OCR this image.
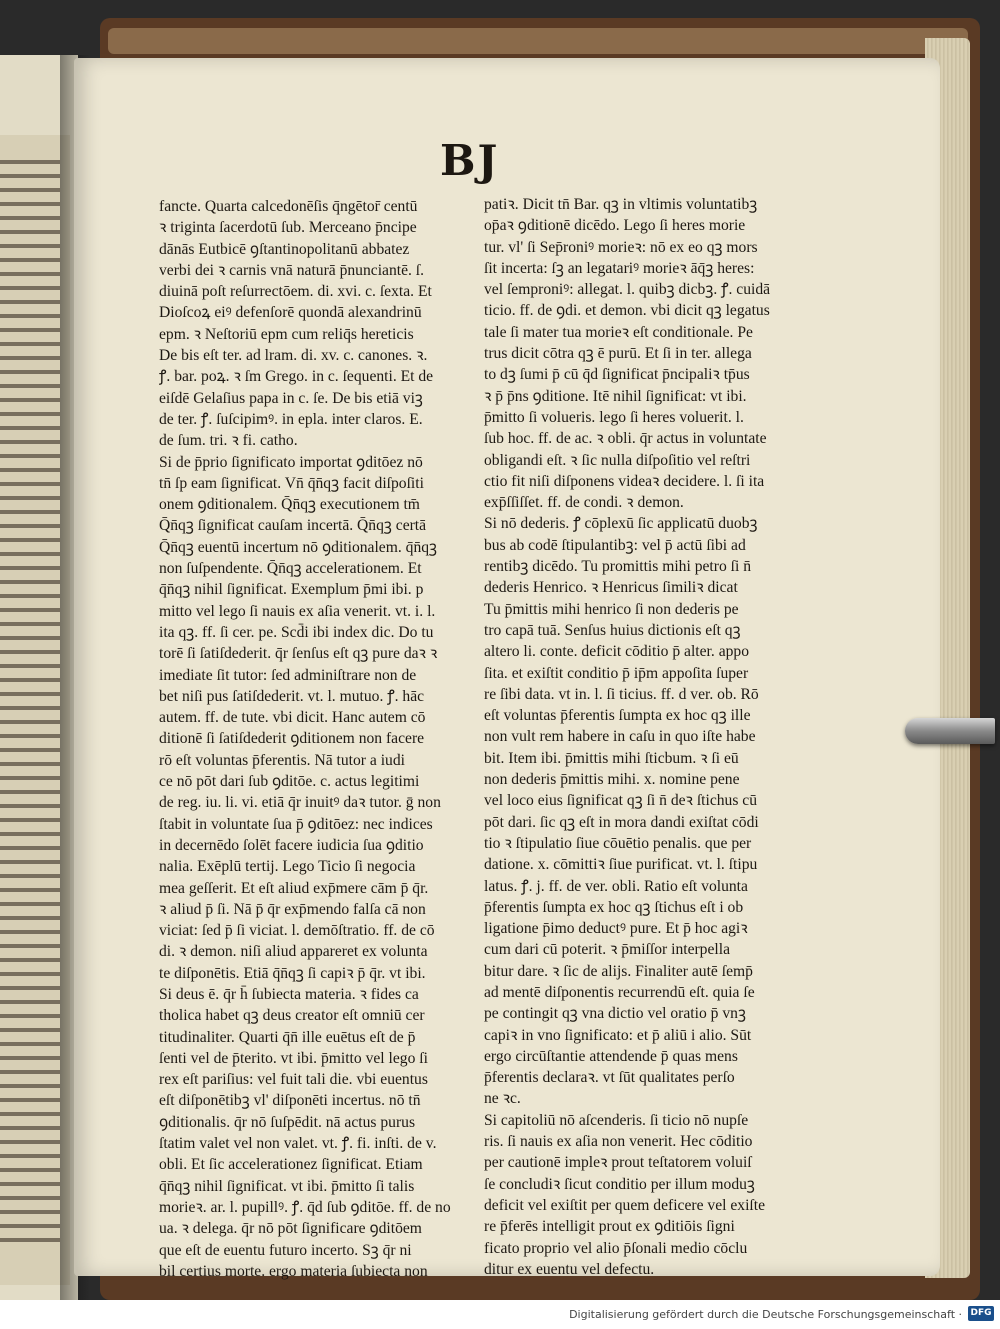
BJ
fancte. Quarta calcedonēſis q̄ngētor̄ centū
ꝛ triginta ſacerdotū ſub. Merceano p̄ncipe
dānās Eutbicē ꝯſtantinopolitanū abbatez
verbi dei ꝛ carnis vnā naturā p̄nunciantē. ſ.
diuinā poſt reſurrectōem. di. xvi. c. ſexta. Et
Dioſcoꝝ eiꝰ defenſorē quondā alexandrinū
epm. ꝛ Neſtoriū epm cum reliq̄s hereticis
De bis eſt ter. ad lram. di. xv. c. canones. ꝛ.
ꝭ. bar. poꝝ. ꝛ ſm Grego. in c. ſequenti. Et de
eiſdē Gelaſius papa in c. ſe. De bis etiā viꝫ
de ter. ꝭ. ſuſcipimꝰ. in epla. inter claros. E.
de ſum. tri. ꝛ fi. catho.
Si de p̄prio ſignificato importat ꝯditōez nō
tn̄ ſp eam ſignificat. Vn̄ q̄n̄qꝫ facit diſpoſiti
onem ꝯditionalem. Q̄n̄qꝫ executionem tm̄
Q̄n̄qꝫ ſignificat cauſam incertā. Q̄n̄qꝫ certā
Q̄n̄qꝫ euentū incertum nō ꝯditionalem. q̄n̄qꝫ
non ſuſpendente. Q̄n̄qꝫ accelerationem. Et
q̄n̄qꝫ nihil ſignificat. Exemplum p̄mi ibi. p
mitto vel lego ſi nauis ex aſia venerit. vt. i. l.
ita qꝫ. ff. ſi cer. pe. Scd̄i ibi index dic. Do tu
torē ſi ſatiſdederit. q̄r ſenſus eſt qꝫ pure daꝛ ꝛ
imediate ſit tutor: ſed adminiſtrare non de
bet niſi pus ſatiſdederit. vt. l. mutuo. ꝭ. hāc
autem. ff. de tute. vbi dicit. Hanc autem cō
ditionē ſi ſatiſdederit ꝯditionem non facere
rō eſt voluntas p̄ferentis. Nā tutor a iudi
ce nō pōt dari ſub ꝯditōe. c. actus legitimi
de reg. iu. li. vi. etiā q̄r inuitꝰ daꝛ tutor. ḡ non
ſtabit in voluntate ſua p̄ ꝯditōez: nec indices
in decernēdo ſolēt facere iudicia ſua ꝯditio
nalia. Exēplū tertij. Lego Ticio ſi negocia
mea geſſerit. Et eſt aliud exp̄mere cām p̄ q̄r.
ꝛ aliud p̄ ſi. Nā p̄ q̄r exp̄mendo falſa cā non
viciat: ſed p̄ ſi viciat. l. demōſtratio. ff. de cō
di. ꝛ demon. niſi aliud appareret ex volunta
te diſponētis. Etiā q̄n̄qꝫ ſi capiꝛ p̄ q̄r. vt ibi.
Si deus ē. q̄r h̄ ſubiecta materia. ꝛ fides ca
tholica habet qꝫ deus creator eſt omniū cer
titudinaliter. Quarti q̄n̄ ille euētus eſt de p̄
ſenti vel de p̄terito. vt ibi. p̄mitto vel lego ſi
rex eſt pariſius: vel fuit tali die. vbi euentus
eſt diſponētibꝫ vl' diſponēti incertus. nō tn̄
ꝯditionalis. q̄r nō ſuſpēdit. nā actus purus
ſtatim valet vel non valet. vt. ꝭ. fi. inſti. de v.
obli. Et ſic accelerationez ſignificat. Etiam
q̄n̄qꝫ nihil ſignificat. vt ibi. p̄mitto ſi talis
morieꝛ. ar. l. pupillꝰ. ꝭ. q̄d ſub ꝯditōe. ff. de no
ua. ꝛ delega. q̄r nō pōt ſignificare ꝯditōem
que eſt de euentu futuro incerto. Sꝫ q̄r ni
bil certius morte. ergo materia ſubiecta non
patiꝛ. Dicit tn̄ Bar. qꝫ in vltimis voluntatibꝫ
op̄aꝛ ꝯditionē dicēdo. Lego ſi heres morie
tur. vl' ſi Sep̄roniꝰ morieꝛ: nō ex eo qꝫ mors
ſit incerta: ſꝫ an legatariꝰ morieꝛ āq̄ꝫ heres:
vel ſemproniꝰ: allegat. l. quibꝫ dicbꝫ. ꝭ. cuidā
ticio. ff. de ꝯdi. et demon. vbi dicit qꝫ legatus
tale ſi mater tua morieꝛ eſt conditionale. Pe
trus dicit cōtra qꝫ ē purū. Et ſi in ter. allega
to dꝫ ſumi p̄ cū q̄d ſignificat p̄ncipaliꝛ tp̄us
ꝛ p̄ p̄ns ꝯditione. Itē nihil ſignificat: vt ibi.
p̄mitto ſi volueris. lego ſi heres voluerit. l.
ſub hoc. ff. de ac. ꝛ obli. q̄r actus in voluntate
obligandi eſt. ꝛ ſic nulla diſpoſitio vel reſtri
ctio fit niſi diſponens videaꝛ decidere. l. ſi ita
exp̄ſſiſſet. ff. de condi. ꝛ demon.
Si nō dederis. ꝭ cōplexū ſic applicatū duobꝫ
bus ab codē ſtipulantibꝫ: vel p̄ actū ſibi ad
rentibꝫ dicēdo. Tu promittis mihi petro ſi n̄
dederis Henrico. ꝛ Henricus ſimiliꝛ dicat
Tu p̄mittis mihi henrico ſi non dederis pe
tro capā tuā. Senſus huius dictionis eſt qꝫ
altero li. conte. deficit cōditio p̄ alter. appo
ſita. et exiſtit conditio p̄ ip̄m appoſita ſuper
re ſibi data. vt in. l. ſi ticius. ff. d ver. ob. Rō
eſt voluntas p̄ferentis ſumpta ex hoc qꝫ ille
non vult rem habere in caſu in quo iſte habe
bit. Item ibi. p̄mittis mihi ſticbum. ꝛ ſi eū
non dederis p̄mittis mihi. x. nomine pene
vel loco eius ſignificat qꝫ ſi n̄ deꝛ ſtichus cū
pōt dari. ſic qꝫ eſt in mora dandi exiſtat cōdi
tio ꝛ ſtipulatio ſiue cōuētio penalis. que per
datione. x. cōmittiꝛ ſiue purificat. vt. l. ſtipu
latus. ꝭ. j. ff. de ver. obli. Ratio eſt volunta
p̄ferentis ſumpta ex hoc qꝫ ſtichus eſt i ob
ligatione p̄imo deductꝰ pure. Et p̄ hoc agiꝛ
cum dari cū poterit. ꝛ p̄miſſor interpella
bitur dare. ꝛ ſic de alijs. Finaliter autē ſemp̄
ad mentē diſponentis recurrendū eſt. quia ſe
pe contingit qꝫ vna dictio vel oratio p̄ vnꝫ
capiꝛ in vno ſignificato: et p̄ aliū i alio. Sūt
ergo circūſtantie attendende p̄ quas mens
p̄ferentis declaraꝛ. vt ſūt qualitates perſo
ne ꝛc.
Si capitoliū nō aſcenderis. ſi ticio nō nupſe
ris. ſi nauis ex aſia non venerit. Hec cōditio
per cautionē impleꝛ prout teſtatorem voluiſ
ſe concludiꝛ ſicut conditio per illum moduꝫ
deficit vel exiſtit per quem deficere vel exiſte
re p̄ferēs intelligit prout ex ꝯditiōis ſigni
ficato proprio vel alio p̄ſonali medio cōclu
ditur ex euentu vel defectu.
Digitalisierung gefördert durch die Deutsche Forschungsgemeinschaft · DFG
